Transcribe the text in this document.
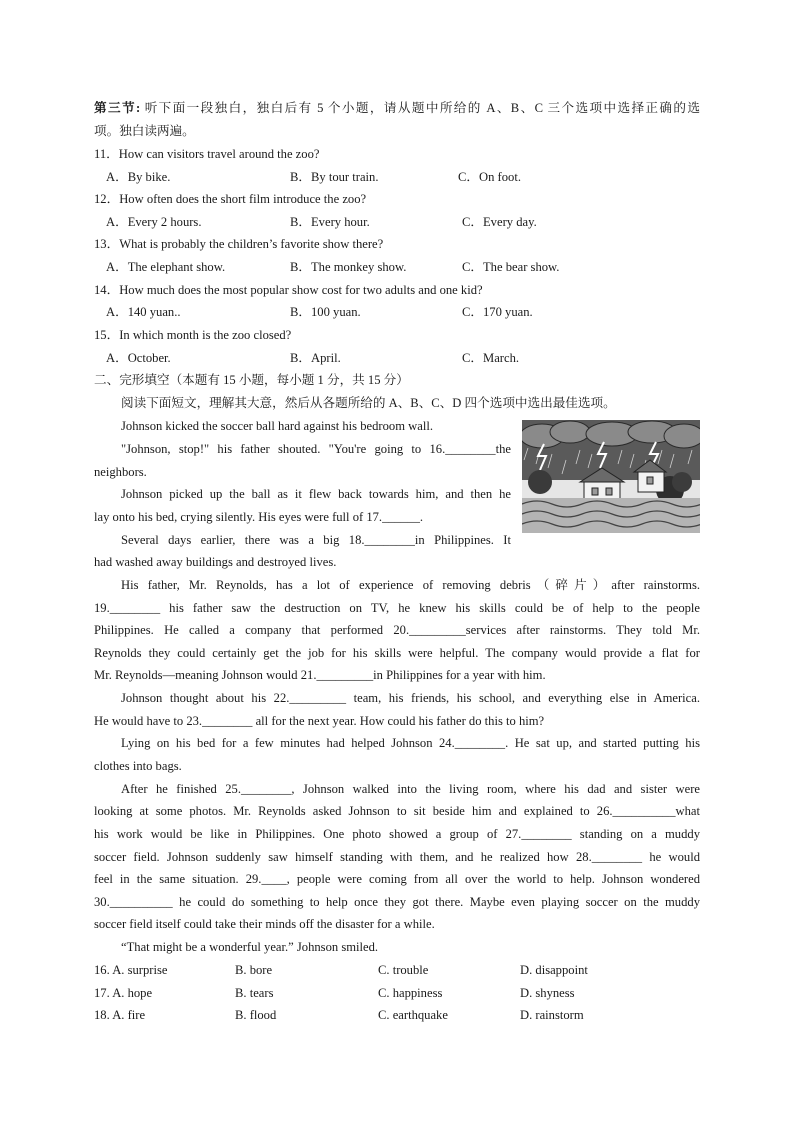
第三节: 听下面一段独白，独白后有 5 个小题，请从题中所给的 A、B、C 三个选项中选择正确的选
项。独白读两遍。
11．How can visitors travel around the zoo?
A．By bike.	B．By tour train.	C．On foot.
12．How often does the short film introduce the zoo?
A．Every 2 hours.	B．Every hour.	C．Every day.
13．What is probably the children’s favorite show there?
A．The elephant show.	B．The monkey show.	C．The bear show.
14．How much does the most popular show cost for two adults and one kid?
A．140 yuan..	B．100 yuan.	C．170 yuan.
15．In which month is the zoo closed?
A．October.	B．April.	C．March.
二、完形填空（本题有 15 小题，每小题 1 分，共 15 分）
阅读下面短文，理解其大意，然后从各题所给的 A、B、C、D 四个选项中选出最佳选项。
Johnson kicked the soccer ball hard against his bedroom wall.
"Johnson, stop!" his father shouted. "You're going to 16.________the
neighbors.
Johnson picked up the ball as it flew back towards him, and then he
lay onto his bed, crying silently. His eyes were full of 17.______.
Several days earlier, there was a big 18.________in Philippines. It
had washed away buildings and destroyed lives.
His father, Mr. Reynolds, has a lot of experience of removing debris（碎片）after rainstorms.
19.________ his father saw the destruction on TV, he knew his skills could be of help to the people
Philippines. He called a company that performed 20._________services after rainstorms. They told Mr.
Reynolds they could certainly get the job for his skills were helpful. The company would provide a flat for
Mr. Reynolds—meaning Johnson would 21._________in Philippines for a year with him.
Johnson thought about his 22._________ team, his friends, his school, and everything else in America.
He would have to 23.________ all for the next year. How could his father do this to him?
Lying on his bed for a few minutes had helped Johnson 24.________. He sat up, and started putting his
clothes into bags.
After he finished 25.________, Johnson walked into the living room, where his dad and sister were
looking at some photos. Mr. Reynolds asked Johnson to sit beside him and explained to 26.__________what
his work would be like in Philippines. One photo showed a group of 27.________ standing on a muddy
soccer field. Johnson suddenly saw himself standing with them, and he realized how 28.________ he would
feel in the same situation. 29.____, people were coming from all over the world to help. Johnson wondered
30.__________ he could do something to help once they got there. Maybe even playing soccer on the muddy
soccer field itself could take their minds off the disaster for a while.
“That might be a wonderful year.” Johnson smiled.
16. A. surprise	B. bore	C. trouble	D. disappoint
17. A. hope	B. tears	C. happiness	D. shyness
18. A. fire	B. flood	C. earthquake	D. rainstorm
